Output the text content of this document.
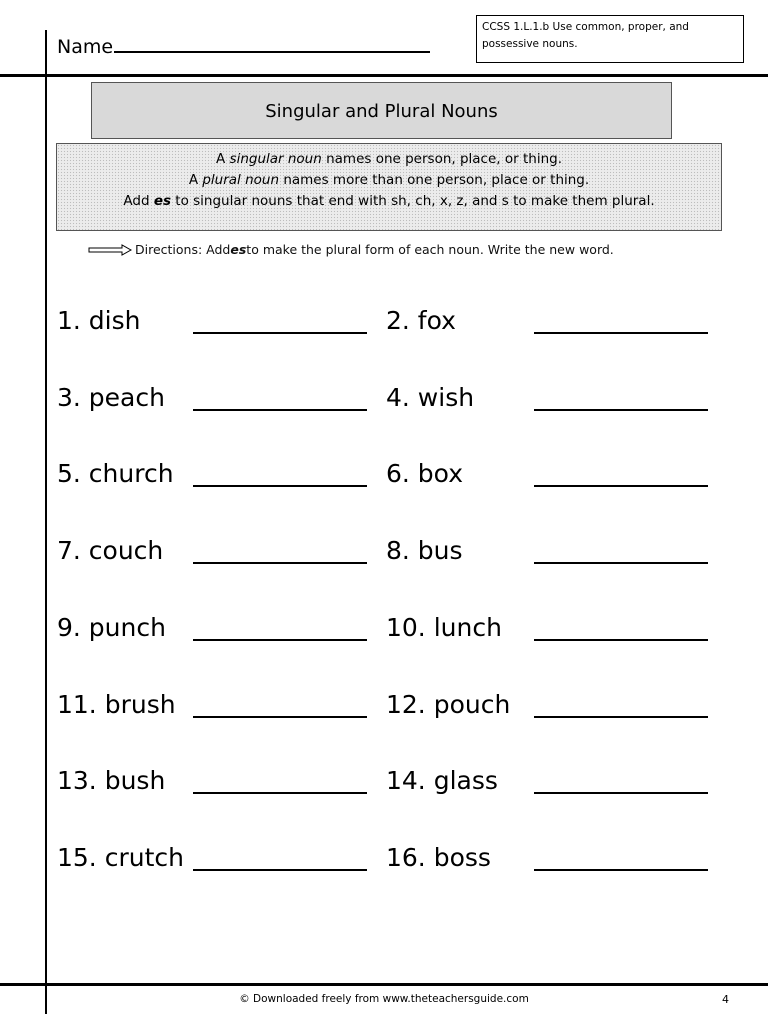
Name
CCSS 1.L.1.b Use common, proper, and possessive nouns.
Singular and Plural Nouns
A singular noun names one person, place, or thing.
A plural noun names more than one person, place or thing.
Add es to singular nouns that end with sh, ch, x, z, and s to make them plural.
Directions: Add es to make the plural form of each noun. Write the new word.
1. dish	2. fox
3. peach	4. wish
5. church	6. box
7. couch	8. bus
9. punch	10. lunch
11. brush	12. pouch
13. bush	14. glass
15. crutch	16. boss
© Downloaded freely from www.theteachersguide.com	4
